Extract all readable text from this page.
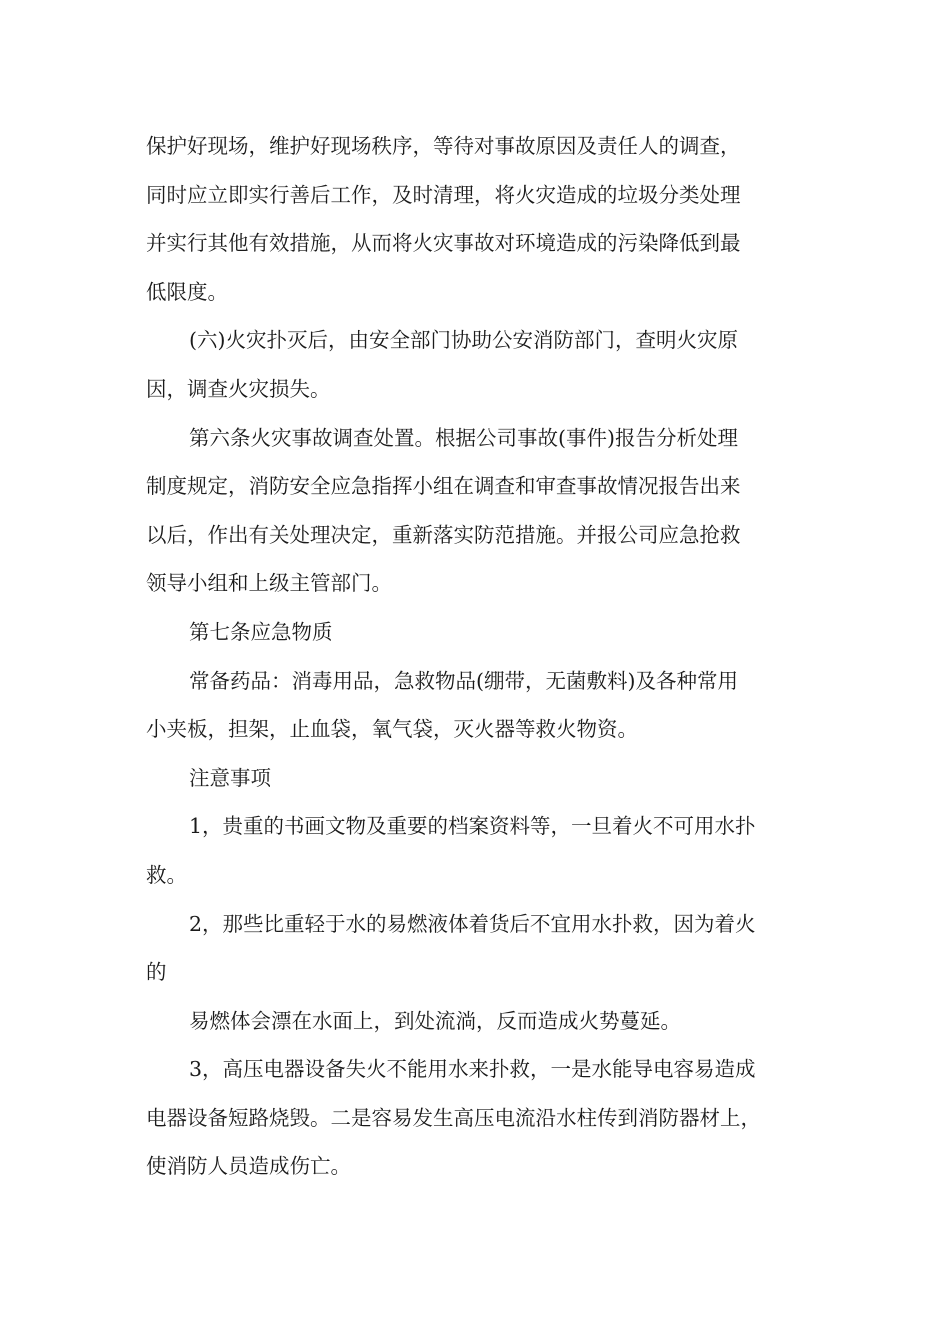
保护好现场，维护好现场秩序，等待对事故原因及责任人的调查，
同时应立即实行善后工作，及时清理，将火灾造成的垃圾分类处理
并实行其他有效措施，从而将火灾事故对环境造成的污染降低到最
低限度。
(六)火灾扑灭后，由安全部门协助公安消防部门，查明火灾原
因，调查火灾损失。
第六条火灾事故调查处置。根据公司事故(事件)报告分析处理
制度规定，消防安全应急指挥小组在调查和审查事故情况报告出来
以后，作出有关处理决定，重新落实防范措施。并报公司应急抢救
领导小组和上级主管部门。
第七条应急物质
常备药品：消毒用品，急救物品(绷带，无菌敷料)及各种常用
小夹板，担架，止血袋，氧气袋，灭火器等救火物资。
注意事项
1，贵重的书画文物及重要的档案资料等，一旦着火不可用水扑
救。
2，那些比重轻于水的易燃液体着货后不宜用水扑救，因为着火
的
易燃体会漂在水面上，到处流淌，反而造成火势蔓延。
3，高压电器设备失火不能用水来扑救，一是水能导电容易造成
电器设备短路烧毁。二是容易发生高压电流沿水柱传到消防器材上，
使消防人员造成伤亡。
